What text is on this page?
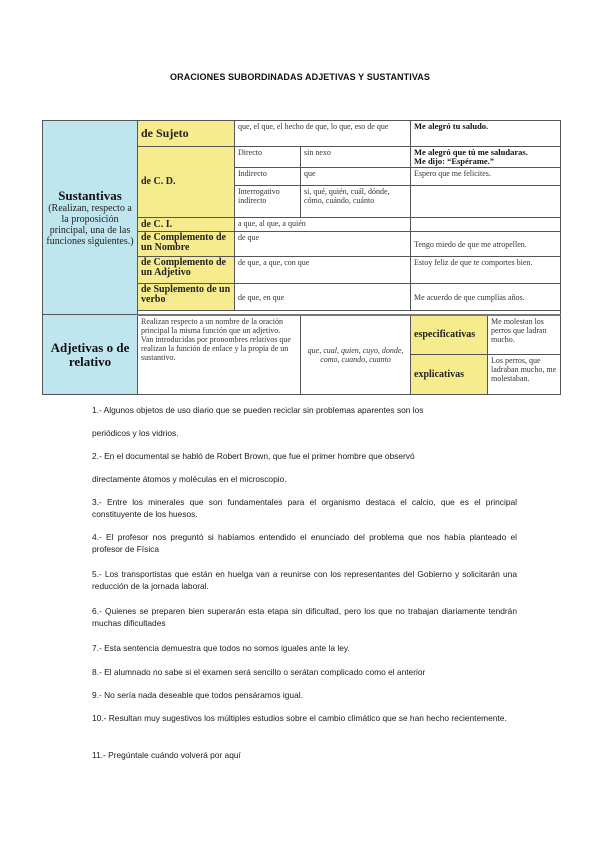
ORACIONES SUBORDINADAS ADJETIVAS Y SUSTANTIVAS
Sustantivas
(Realizan, respecto a la proposición principal, una de las funciones siguientes.)	de Sujeto	que, el que, el hecho de que, lo que, eso de que		Me alegró tu saludo.	
	de C. D.	Directo	sin nexo	Me alegró que tú me saludaras.
Me dijo: “Espérame.”	
		Indirecto	que	Espero que me felicites.	
		Interrogativo indirecto	si, qué, quién, cuál, dónde, cómo, cuándo, cuánto		
	de C. I.	a que, al que, a quién			
	de Complemento de un Nombre	de que		Tengo miedo de que me atropellen.	
	de Complemento de un Adjetivo	de que, a que, con que		Estoy feliz de que te comportes bien.	
	de Suplemento de un verbo	de que, en que		Me acuerdo de que cumplías años.	

Adjetivas o de relativo	Realizan respecto a un nombre de la oración principal la misma función que un adjetivo.
Van introducidas por pronombres relativos que realizan la función de enlace y la propia de un sustantivo.		que, cual, quien, cuyo, donde, como, cuando, cuanto	especificativas	Me molestan los perros que ladran mucho.
				explicativas	Los perros, que ladraban mucho, me molestaban.

1.- Algunos objetos de uso diario que se pueden reciclar sin problemas aparentes son los

periódicos y los vidrios.

2.- En el documental se habló de Robert Brown, que fue el primer hombre que observó

directamente átomos y moléculas en el microscopio.

3.- Entre los minerales que son fundamentales para el organismo destaca el calcio, que es el principal constituyente de los huesos.

4.- El profesor nos preguntó si habíamos entendido el enunciado del problema que nos había planteado el profesor de Física

5.- Los transportistas que están en huelga van a reunirse con los representantes del Gobierno y solicitarán una reducción de la jornada laboral.

6.- Quienes se preparen bien superarán esta etapa sin dificultad, pero los que no trabajan diariamente tendrán muchas dificultades

7.- Esta sentencia demuestra que todos no somos iguales ante la ley.

8.- El alumnado no sabe si el examen será sencillo o serátan complicado como el anterior

9.- No sería nada deseable que todos pensáramos igual.

10.- Resultan muy sugestivos los múltiples estudios sobre el cambio climático que se han hecho recientemente.

11.- Pregúntale cuándo volverá por aquí
